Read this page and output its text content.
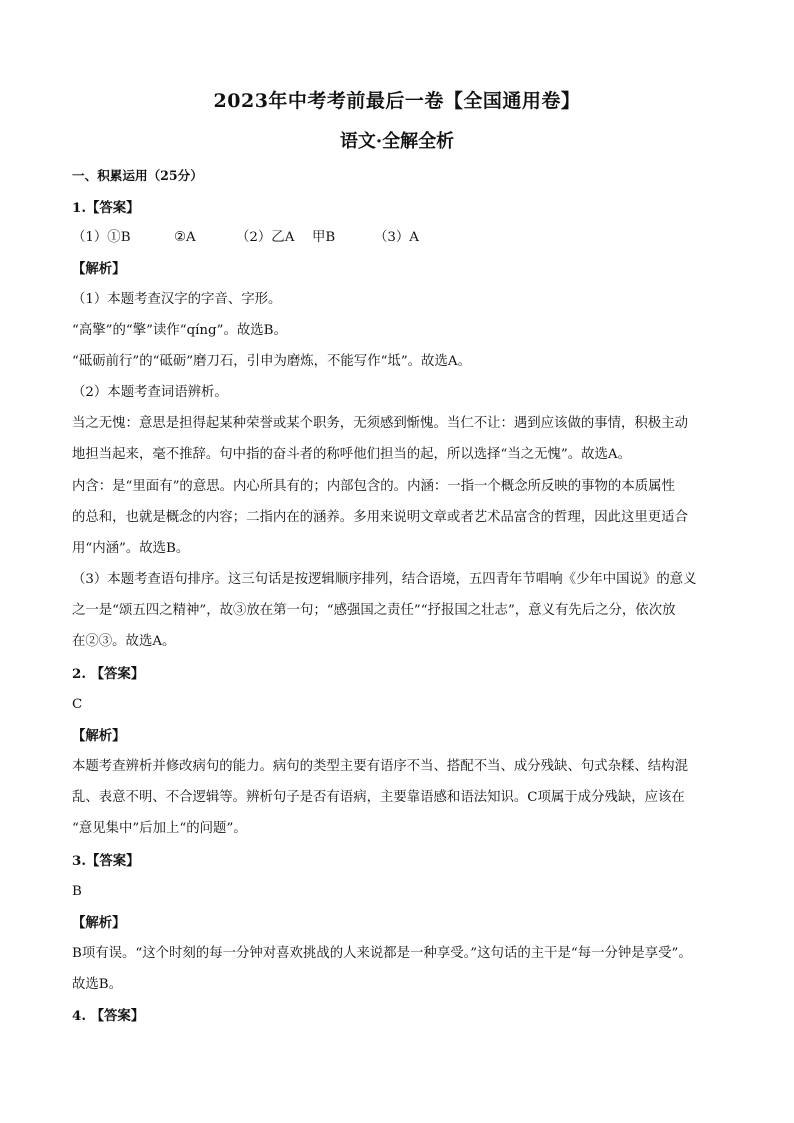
2023年中考考前最后一卷【全国通用卷】
语文·全解全析
一、积累运用（25分）
1.【答案】
（1）①B	②A	（2）乙A 甲B	（3）A
【解析】
（1）本题考查汉字的字音、字形。
“高擎”的“擎”读作“qíng”。故选B。
“砥砺前行”的“砥砺”磨刀石，引申为磨炼，不能写作“坻”。故选A。
（2）本题考查词语辨析。
当之无愧：意思是担得起某种荣誉或某个职务，无须感到惭愧。当仁不让：遇到应该做的事情，积极主动
地担当起来，毫不推辞。句中指的奋斗者的称呼他们担当的起，所以选择“当之无愧”。故选A。
内含：是“里面有”的意思。内心所具有的；内部包含的。内涵：一指一个概念所反映的事物的本质属性
的总和，也就是概念的内容；二指内在的涵养。多用来说明文章或者艺术品富含的哲理，因此这里更适合
用“内涵”。故选B。
（3）本题考查语句排序。这三句话是按逻辑顺序排列，结合语境，五四青年节唱响《少年中国说》的意义
之一是“颂五四之精神”，故③放在第一句；“感强国之责任”“抒报国之壮志”，意义有先后之分，依次放
在②③。故选A。
2. 【答案】
C
【解析】
本题考查辨析并修改病句的能力。病句的类型主要有语序不当、搭配不当、成分残缺、句式杂糅、结构混
乱、表意不明、不合逻辑等。辨析句子是否有语病，主要靠语感和语法知识。C项属于成分残缺，应该在
“意见集中”后加上“的问题”。
3.【答案】
B
【解析】
B项有误。“这个时刻的每一分钟对喜欢挑战的人来说都是一种享受。”这句话的主干是“每一分钟是享受”。
故选B。
4. 【答案】
